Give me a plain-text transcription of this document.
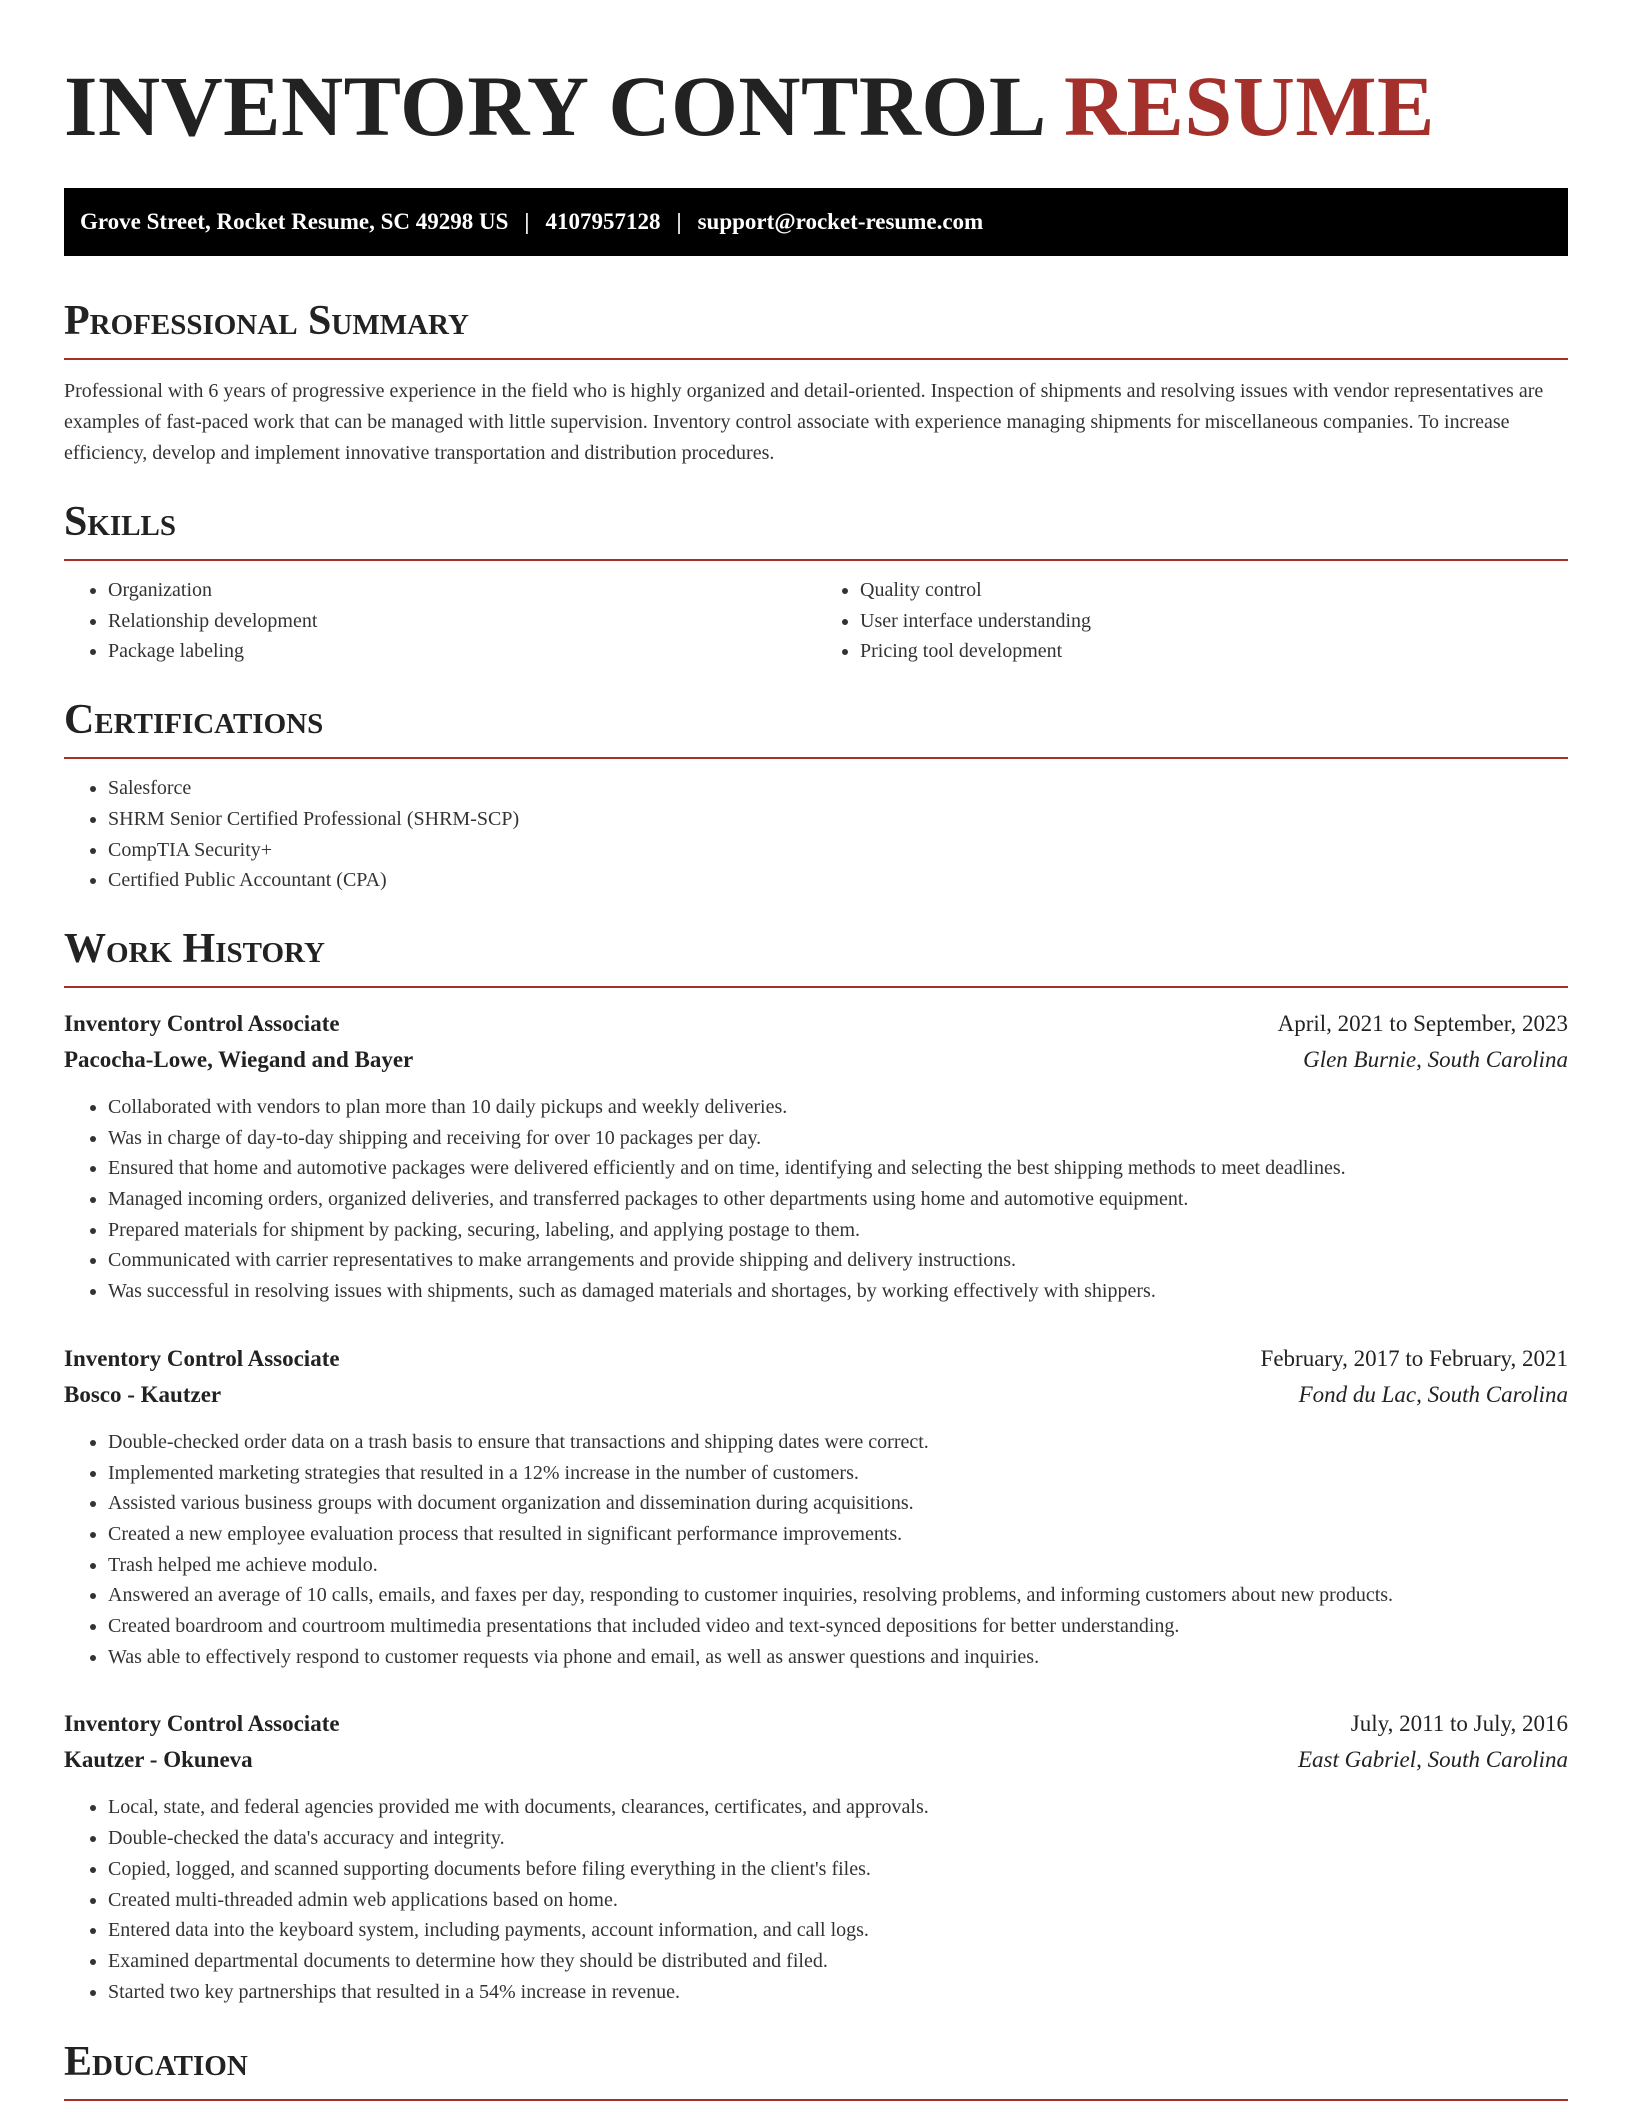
INVENTORY CONTROL RESUME
Grove Street, Rocket Resume, SC 49298 US | 4107957128 | support@rocket-resume.com
Professional Summary

Professional with 6 years of progressive experience in the field who is highly organized and detail-oriented. Inspection of shipments and resolving issues with vendor representatives are examples of fast-paced work that can be managed with little supervision. Inventory control associate with experience managing shipments for miscellaneous companies. To increase efficiency, develop and implement innovative transportation and distribution procedures.

Skills
• Organization
• Relationship development
• Package labeling
• Quality control
• User interface understanding
• Pricing tool development
Certifications
• Salesforce
• SHRM Senior Certified Professional (SHRM-SCP)
• CompTIA Security+
• Certified Public Accountant (CPA)
Work History
Inventory Control Associate	April, 2021 to September, 2023
Pacocha-Lowe, Wiegand and Bayer	Glen Burnie, South Carolina
• Collaborated with vendors to plan more than 10 daily pickups and weekly deliveries.
• Was in charge of day-to-day shipping and receiving for over 10 packages per day.
• Ensured that home and automotive packages were delivered efficiently and on time, identifying and selecting the best shipping methods to meet deadlines.
• Managed incoming orders, organized deliveries, and transferred packages to other departments using home and automotive equipment.
• Prepared materials for shipment by packing, securing, labeling, and applying postage to them.
• Communicated with carrier representatives to make arrangements and provide shipping and delivery instructions.
• Was successful in resolving issues with shipments, such as damaged materials and shortages, by working effectively with shippers.
Inventory Control Associate	February, 2017 to February, 2021
Bosco - Kautzer	Fond du Lac, South Carolina
• Double-checked order data on a trash basis to ensure that transactions and shipping dates were correct.
• Implemented marketing strategies that resulted in a 12% increase in the number of customers.
• Assisted various business groups with document organization and dissemination during acquisitions.
• Created a new employee evaluation process that resulted in significant performance improvements.
• Trash helped me achieve modulo.
• Answered an average of 10 calls, emails, and faxes per day, responding to customer inquiries, resolving problems, and informing customers about new products.
• Created boardroom and courtroom multimedia presentations that included video and text-synced depositions for better understanding.
• Was able to effectively respond to customer requests via phone and email, as well as answer questions and inquiries.
Inventory Control Associate	July, 2011 to July, 2016
Kautzer - Okuneva	East Gabriel, South Carolina
• Local, state, and federal agencies provided me with documents, clearances, certificates, and approvals.
• Double-checked the data's accuracy and integrity.
• Copied, logged, and scanned supporting documents before filing everything in the client's files.
• Created multi-threaded admin web applications based on home.
• Entered data into the keyboard system, including payments, account information, and call logs.
• Examined departmental documents to determine how they should be distributed and filed.
• Started two key partnerships that resulted in a 54% increase in revenue.
Education
